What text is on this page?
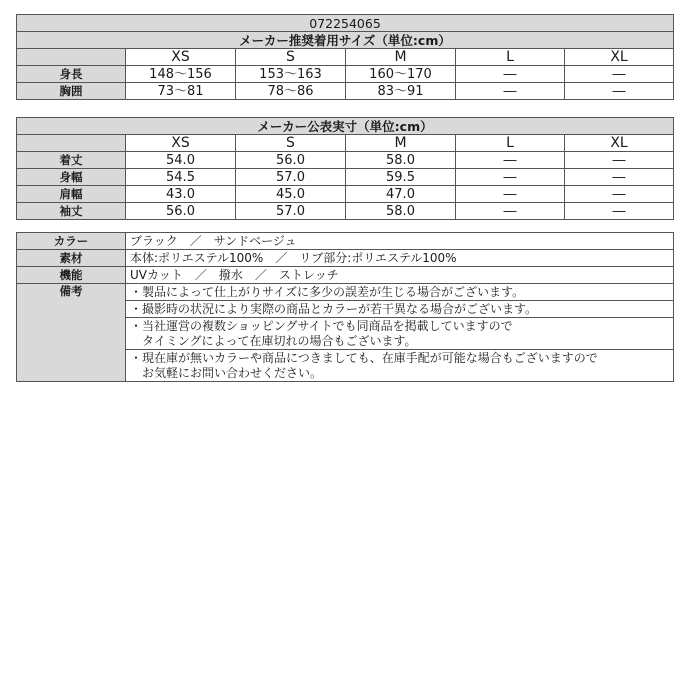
072254065					
メーカー推奨着用サイズ（単位:cm）					
	XS	S	M	L	XL
身長	148～156	153～163	160～170	―	―
胸囲	73～81	78～86	83～91	―	―
メーカー公表実寸（単位:cm）					
	XS	S	M	L	XL
着丈	54.0	56.0	58.0	―	―
身幅	54.5	57.0	59.5	―	―
肩幅	43.0	45.0	47.0	―	―
袖丈	56.0	57.0	58.0	―	―
カラー	ブラック　／　サンドベージュ
素材	本体:ポリエステル100%　／　リブ部分:ポリエステル100%
機能	UVカット　／　撥水　／　ストレッチ
備考	・製品によって仕上がりサイズに多少の誤差が生じる場合がございます。

	・撮影時の状況により実際の商品とカラーが若干異なる場合がございます。

	・当社運営の複数ショッピングサイトでも同商品を掲載していますので
　タイミングによって在庫切れの場合もございます。

	・現在庫が無いカラーや商品につきましても、在庫手配が可能な場合もございますので
　お気軽にお問い合わせください。
